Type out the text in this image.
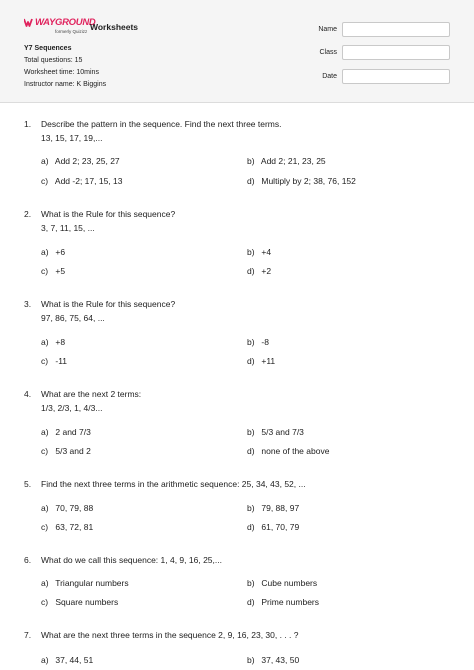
WAYGROUND
formerly Quizizz Worksheets
Y7 Sequences
Total questions: 15
Worksheet time: 10mins
Instructor name: K Biggins
Name
Class
Date
1. Describe the pattern in the sequence. Find the next three terms.
13, 15, 17, 19,...
a) Add 2; 23, 25, 27	b) Add 2; 21, 23, 25
c) Add -2; 17, 15, 13	d) Multiply by 2; 38, 76, 152
2. What is the Rule for this sequence?
3, 7, 11, 15, ...
a) +6	b) +4
c) +5	d) +2
3. What is the Rule for this sequence?
97, 86, 75, 64, ...
a) +8	b) -8
c) -11	d) +11
4. What are the next 2 terms:
1/3, 2/3, 1, 4/3...
a) 2 and 7/3	b) 5/3 and 7/3
c) 5/3 and 2	d) none of the above
5. Find the next three terms in the arithmetic sequence: 25, 34, 43, 52, ...
a) 70, 79, 88	b) 79, 88, 97
c) 63, 72, 81	d) 61, 70, 79
6. What do we call this sequence: 1, 4, 9, 16, 25,...
a) Triangular numbers	b) Cube numbers
c) Square numbers	d) Prime numbers
7. What are the next three terms in the sequence 2, 9, 16, 23, 30, . . . ?
a) 37, 44, 51	b) 37, 43, 50
